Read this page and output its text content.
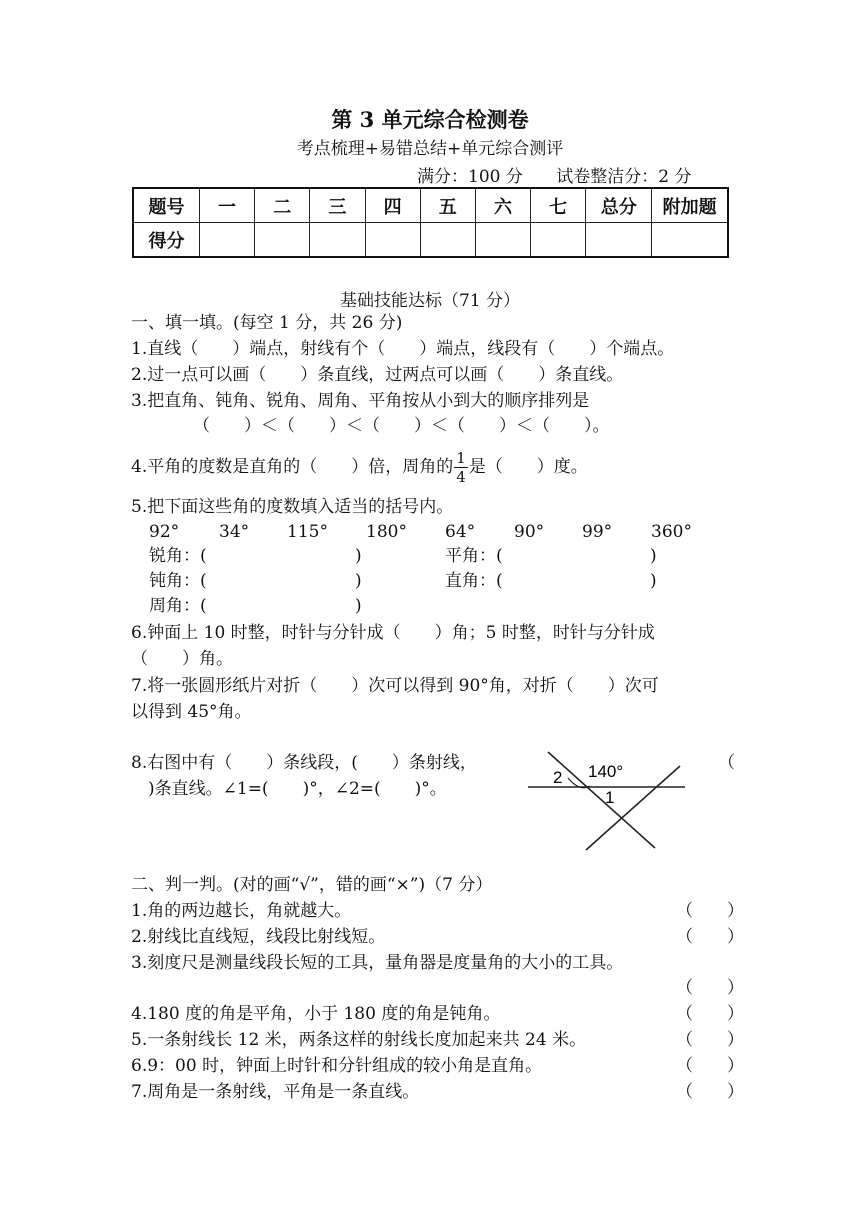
第 3 单元综合检测卷
考点梳理+易错总结+单元综合测评
满分：100 分 试卷整洁分：2 分
题号	一	二	三	四	五	六	七	总分	附加题
得分									
基础技能达标（71 分）
一、填一填。(每空 1 分，共 26 分)
1.直线（　　）端点，射线有个（　　）端点，线段有（　　）个端点。
2.过一点可以画（　　）条直线，过两点可以画（　　）条直线。
3.把直角、钝角、锐角、周角、平角按从小到大的顺序排列是
（　　）＜（　　）＜（　　）＜（　　）＜（　　）。
4.平角的度数是直角的（　　）倍，周角的 $\frac{1}{4}$ 是（　　）度。
5.把下面这些角的度数填入适当的括号内。
92° 34° 115° 180° 64° 90° 99° 360°
锐角：(	)	平角：(	)
钝角：(	)	直角：(	)
周角：(	)
6.钟面上 10 时整，时针与分针成（　　）角；5 时整，时针与分针成
（　　）角。
7.将一张圆形纸片对折（　　）次可以得到 90°角，对折（　　）次可
以得到 45°角。
8.右图中有（　　）条线段，(　　）条射线，	（
　)条直线。∠1=(　　)°，∠2=(　　)°。
140°
2
1
二、判一判。(对的画“√”，错的画“×”)（7 分）
1.角的两边越长，角就越大。	（　　）
2.射线比直线短，线段比射线短。	（　　）
3.刻度尺是测量线段长短的工具，量角器是度量角的大小的工具。
（　　）
4.180 度的角是平角，小于 180 度的角是钝角。	（　　）
5.一条射线长 12 米，两条这样的射线长度加起来共 24 米。	（　　）
6.9：00 时，钟面上时针和分针组成的较小角是直角。	（　　）
7.周角是一条射线，平角是一条直线。	（　　）
